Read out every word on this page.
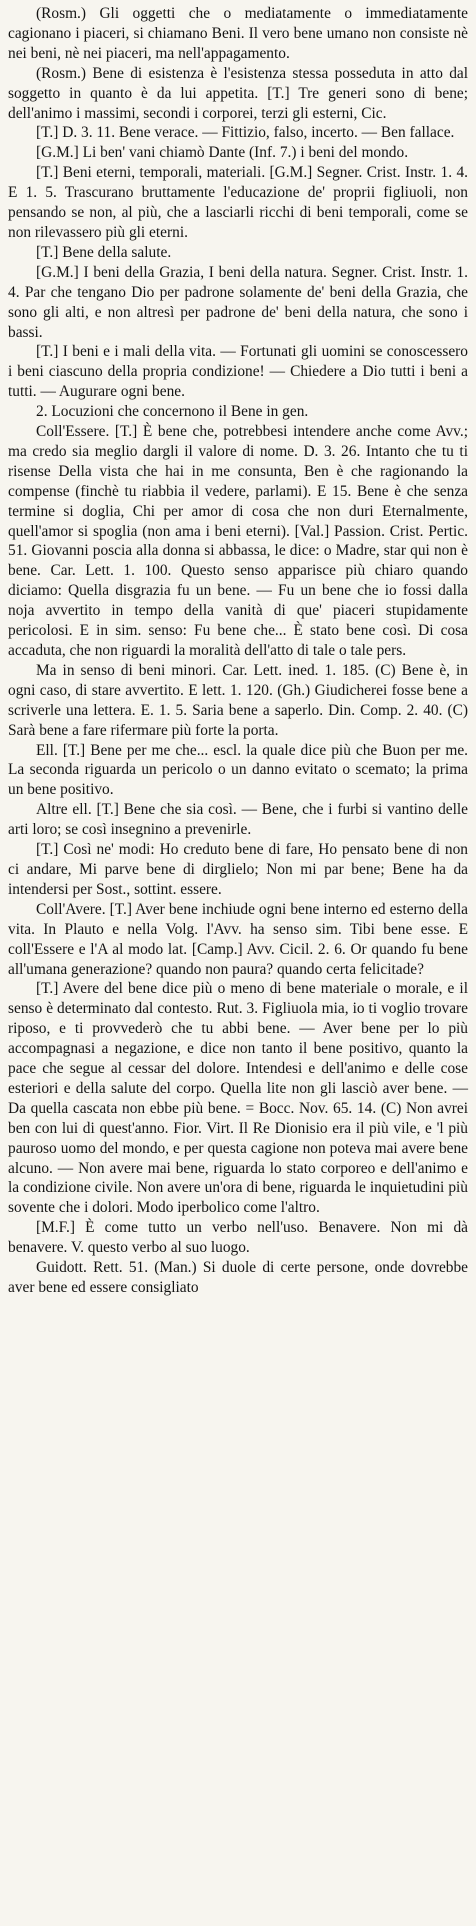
(Rosm.) Gli oggetti che o mediatamente o immediatamente cagionano i piaceri, si chiamano Beni. Il vero bene umano non consiste nè nei beni, nè nei piaceri, ma nell'appagamento.

(Rosm.) Bene di esistenza è l'esistenza stessa posseduta in atto dal soggetto in quanto è da lui appetita. [T.] Tre generi sono di bene; dell'animo i massimi, secondi i corporei, terzi gli esterni, Cic.

[T.] D. 3. 11. Bene verace. — Fittizio, falso, incerto. — Ben fallace.

[G.M.] Li ben' vani chiamò Dante (Inf. 7.) i beni del mondo.

[T.] Beni eterni, temporali, materiali. [G.M.] Segner. Crist. Instr. 1. 4. E 1. 5. Trascurano bruttamente l'educazione de' proprii figliuoli, non pensando se non, al più, che a lasciarli ricchi di beni temporali, come se non rilevassero più gli eterni.

[T.] Bene della salute.

[G.M.] I beni della Grazia, I beni della natura. Segner. Crist. Instr. 1. 4. Par che tengano Dio per padrone solamente de' beni della Grazia, che sono gli alti, e non altresì per padrone de' beni della natura, che sono i bassi.

[T.] I beni e i mali della vita. — Fortunati gli uomini se conoscessero i beni ciascuno della propria condizione! — Chiedere a Dio tutti i beni a tutti. — Augurare ogni bene.

2. Locuzioni che concernono il Bene in gen.

Coll'Essere. [T.] È bene che, potrebbesi intendere anche come Avv.; ma credo sia meglio dargli il valore di nome. D. 3. 26. Intanto che tu ti risense Della vista che hai in me consunta, Ben è che ragionando la compense (finchè tu riabbia il vedere, parlami). E 15. Bene è che senza termine si doglia, Chi per amor di cosa che non duri Eternalmente, quell'amor si spoglia (non ama i beni eterni). [Val.] Passion. Crist. Pertic. 51. Giovanni poscia alla donna si abbassa, le dice: o Madre, star qui non è bene. Car. Lett. 1. 100. Questo senso apparisce più chiaro quando diciamo: Quella disgrazia fu un bene. — Fu un bene che io fossi dalla noja avvertito in tempo della vanità di que' piaceri stupidamente pericolosi. E in sim. senso: Fu bene che... È stato bene così. Di cosa accaduta, che non riguardi la moralità dell'atto di tale o tale pers.

Ma in senso di beni minori. Car. Lett. ined. 1. 185. (C) Bene è, in ogni caso, di stare avvertito. E lett. 1. 120. (Gh.) Giudicherei fosse bene a scriverle una lettera. E. 1. 5. Saria bene a saperlo. Din. Comp. 2. 40. (C) Sarà bene a fare rifermare più forte la porta.

Ell. [T.] Bene per me che... escl. la quale dice più che Buon per me. La seconda riguarda un pericolo o un danno evitato o scemato; la prima un bene positivo.

Altre ell. [T.] Bene che sia così. — Bene, che i furbi si vantino delle arti loro; se così insegnino a prevenirle.

[T.] Così ne' modi: Ho creduto bene di fare, Ho pensato bene di non ci andare, Mi parve bene di dirglielo; Non mi par bene; Bene ha da intendersi per Sost., sottint. essere.

Coll'Avere. [T.] Aver bene inchiude ogni bene interno ed esterno della vita. In Plauto e nella Volg. l'Avv. ha senso sim. Tibi bene esse. E coll'Essere e l'A al modo lat. [Camp.] Avv. Cicil. 2. 6. Or quando fu bene all'umana generazione? quando non paura? quando certa felicitade?

[T.] Avere del bene dice più o meno di bene materiale o morale, e il senso è determinato dal contesto. Rut. 3. Figliuola mia, io ti voglio trovare riposo, e ti provvederò che tu abbi bene. — Aver bene per lo più accompagnasi a negazione, e dice non tanto il bene positivo, quanto la pace che segue al cessar del dolore. Intendesi e dell'animo e delle cose esteriori e della salute del corpo. Quella lite non gli lasciò aver bene. — Da quella cascata non ebbe più bene. = Bocc. Nov. 65. 14. (C) Non avrei ben con lui di quest'anno. Fior. Virt. Il Re Dionisio era il più vile, e 'l più pauroso uomo del mondo, e per questa cagione non poteva mai avere bene alcuno. — Non avere mai bene, riguarda lo stato corporeo e dell'animo e la condizione civile. Non avere un'ora di bene, riguarda le inquietudini più sovente che i dolori. Modo iperbolico come l'altro.

[M.F.] È come tutto un verbo nell'uso. Benavere. Non mi dà benavere. V. questo verbo al suo luogo.

Guidott. Rett. 51. (Man.) Si duole di certe persone, onde dovrebbe aver bene ed essere consigliato
